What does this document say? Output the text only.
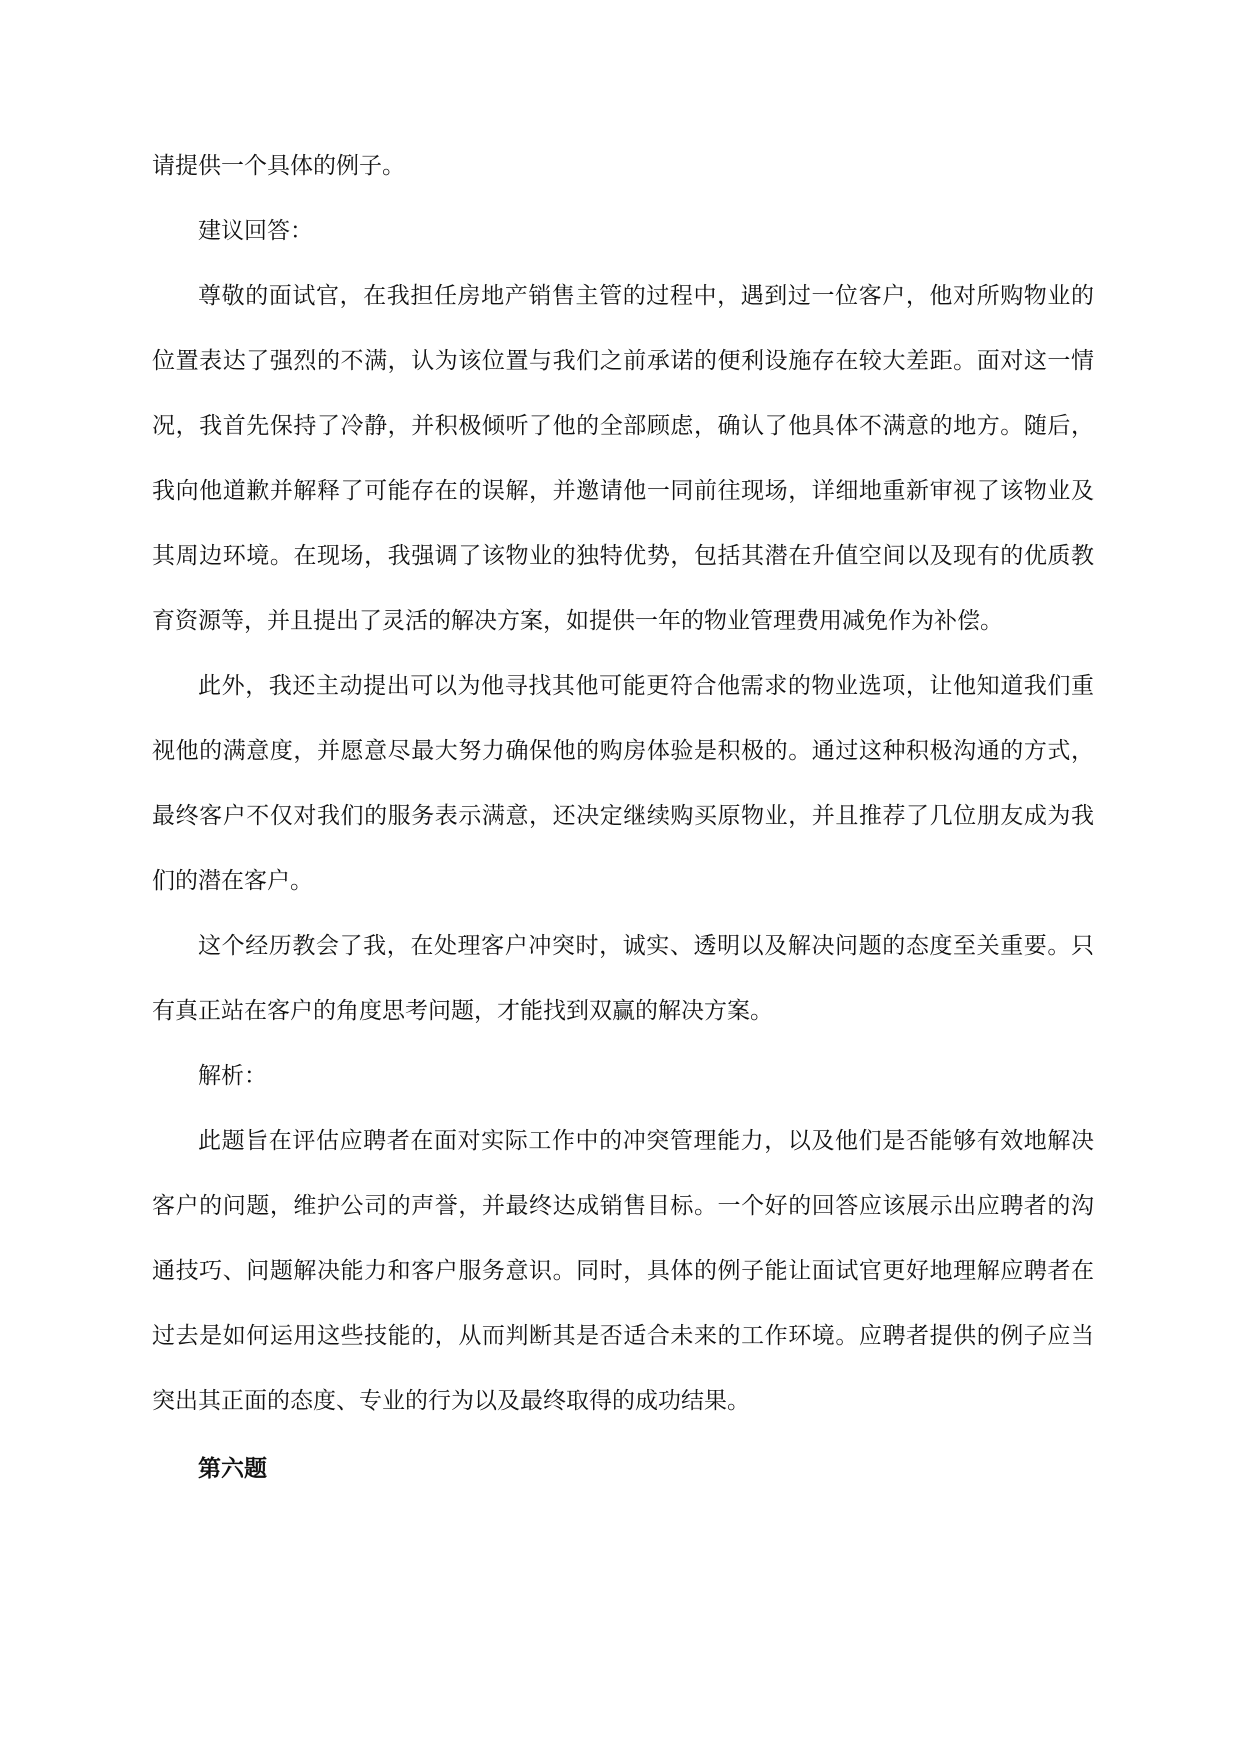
请提供一个具体的例子。

建议回答：

尊敬的面试官，在我担任房地产销售主管的过程中，遇到过一位客户，他对所购物业的位置表达了强烈的不满，认为该位置与我们之前承诺的便利设施存在较大差距。面对这一情况，我首先保持了冷静，并积极倾听了他的全部顾虑，确认了他具体不满意的地方。随后，我向他道歉并解释了可能存在的误解，并邀请他一同前往现场，详细地重新审视了该物业及其周边环境。在现场，我强调了该物业的独特优势，包括其潜在升值空间以及现有的优质教育资源等，并且提出了灵活的解决方案，如提供一年的物业管理费用减免作为补偿。

此外，我还主动提出可以为他寻找其他可能更符合他需求的物业选项，让他知道我们重视他的满意度，并愿意尽最大努力确保他的购房体验是积极的。通过这种积极沟通的方式，最终客户不仅对我们的服务表示满意，还决定继续购买原物业，并且推荐了几位朋友成为我们的潜在客户。

这个经历教会了我，在处理客户冲突时，诚实、透明以及解决问题的态度至关重要。只有真正站在客户的角度思考问题，才能找到双赢的解决方案。

解析：

此题旨在评估应聘者在面对实际工作中的冲突管理能力，以及他们是否能够有效地解决客户的问题，维护公司的声誉，并最终达成销售目标。一个好的回答应该展示出应聘者的沟通技巧、问题解决能力和客户服务意识。同时，具体的例子能让面试官更好地理解应聘者在过去是如何运用这些技能的，从而判断其是否适合未来的工作环境。应聘者提供的例子应当突出其正面的态度、专业的行为以及最终取得的成功结果。

第六题
